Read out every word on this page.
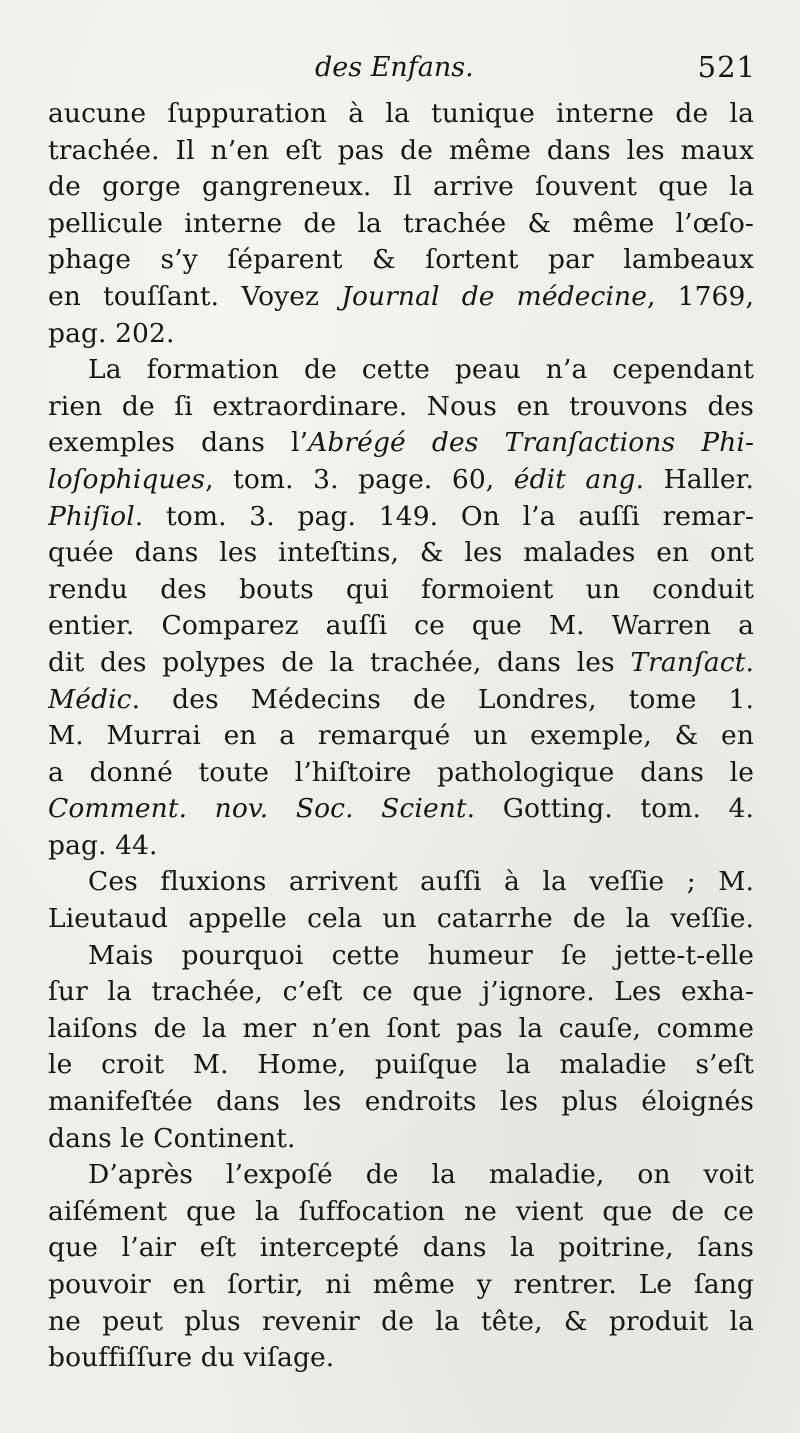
des Enfans.	521
aucune ſuppuration à la tunique interne de la
trachée. Il n’en eſt pas de même dans les maux
de gorge gangreneux. Il arrive ſouvent que la
pellicule interne de la trachée & même l’œſo-
phage s’y ſéparent & ſortent par lambeaux
en touſſant. Voyez Journal de médecine, 1769,
pag. 202.
La formation de cette peau n’a cependant
rien de ſi extraordinare. Nous en trouvons des
exemples dans l’Abrégé des Tranſactions Phi-
loſophiques, tom. 3. page. 60, édit ang. Haller.
Phiſiol. tom. 3. pag. 149. On l’a auſſi remar-
quée dans les inteſtins, & les malades en ont
rendu des bouts qui formoient un conduit
entier. Comparez auſſi ce que M. Warren a
dit des polypes de la trachée, dans les Tranſact.
Médic. des Médecins de Londres, tome 1.
M. Murrai en a remarqué un exemple, & en
a donné toute l’hiſtoire pathologique dans le
Comment. nov. Soc. Scient. Gotting. tom. 4.
pag. 44.
Ces fluxions arrivent auſſi à la veſſie ; M.
Lieutaud appelle cela un catarrhe de la veſſie.
Mais pourquoi cette humeur ſe jette-t-elle
ſur la trachée, c’eſt ce que j’ignore. Les exha-
laiſons de la mer n’en ſont pas la cauſe, comme
le croit M. Home, puiſque la maladie s’eſt
manifeſtée dans les endroits les plus éloignés
dans le Continent.
D’après l’expoſé de la maladie, on voit
aiſément que la ſuffocation ne vient que de ce
que l’air eſt intercepté dans la poitrine, ſans
pouvoir en ſortir, ni même y rentrer. Le ſang
ne peut plus revenir de la tête, & produit la
bouffiſſure du viſage.
